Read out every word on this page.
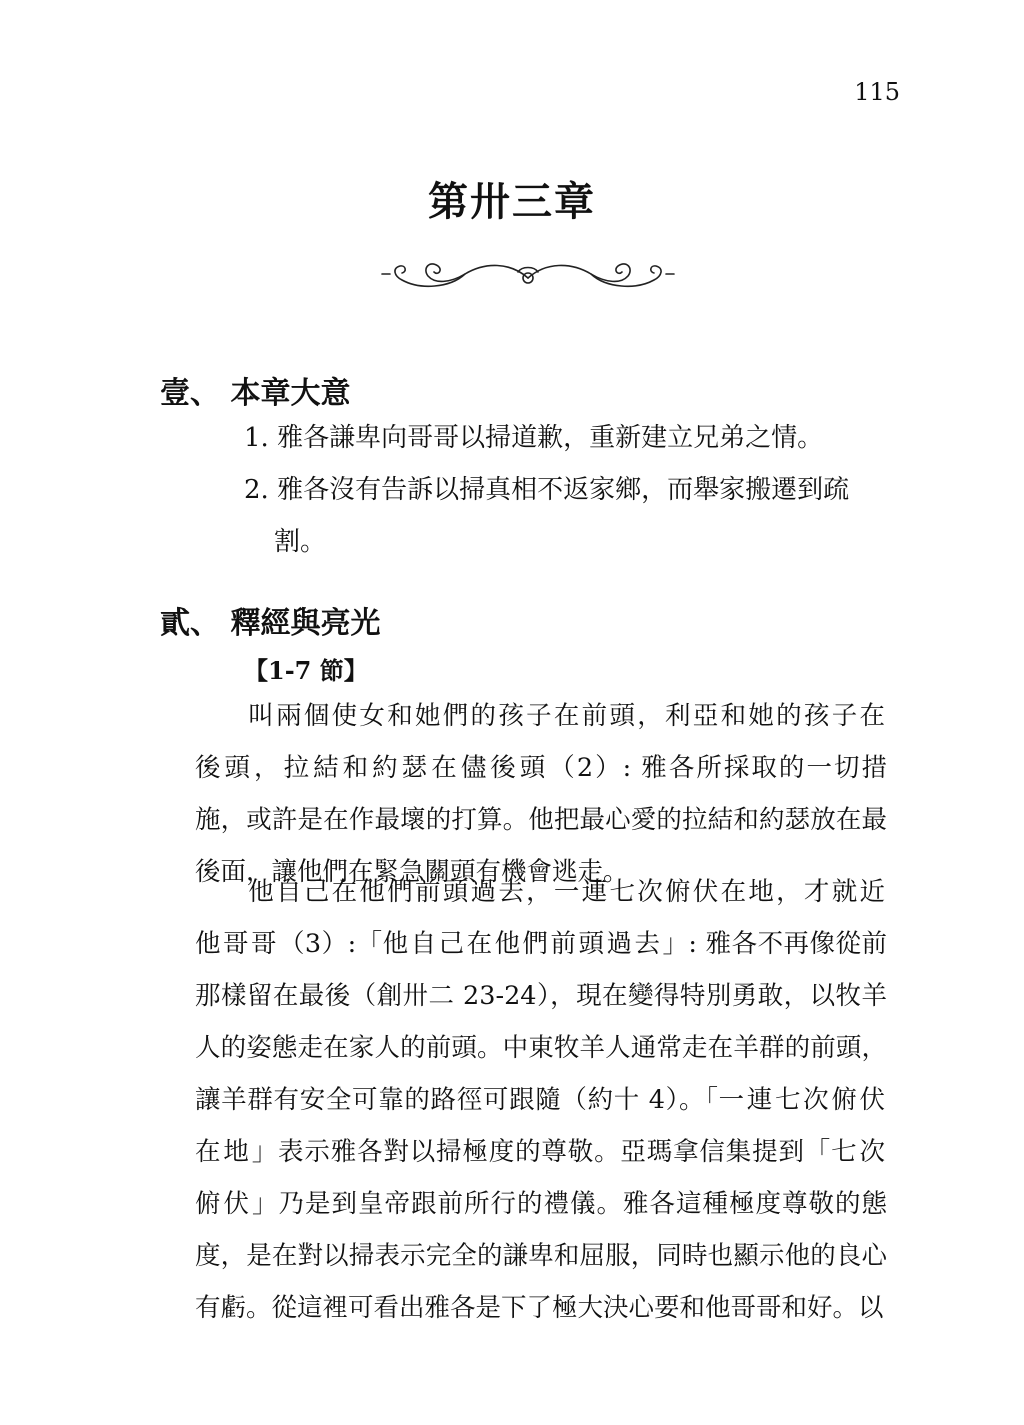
115
第卅三章
壹、 本章大意
1. 雅各謙卑向哥哥以掃道歉，重新建立兄弟之情。
2. 雅各沒有告訴以掃真相不返家鄉，而舉家搬遷到疏
割。
貳、 釋經與亮光
【1-7 節】
叫兩個使女和她們的孩子在前頭，利亞和她的孩子在後頭，拉結和約瑟在儘後頭（2）: 雅各所採取的一切措施，或許是在作最壞的打算。他把最心愛的拉結和約瑟放在最後面，讓他們在緊急關頭有機會逃走。
他自己在他們前頭過去，一連七次俯伏在地，才就近他哥哥（3）:「他自己在他們前頭過去」: 雅各不再像從前那樣留在最後（創卅二 23-24），現在變得特別勇敢，以牧羊人的姿態走在家人的前頭。中東牧羊人通常走在羊群的前頭，讓羊群有安全可靠的路徑可跟隨（約十 4）。「一連七次俯伏在地」表示雅各對以掃極度的尊敬。亞瑪拿信集提到「七次俯伏」乃是到皇帝跟前所行的禮儀。雅各這種極度尊敬的態度，是在對以掃表示完全的謙卑和屈服，同時也顯示他的良心有虧。從這裡可看出雅各是下了極大決心要和他哥哥和好。以
